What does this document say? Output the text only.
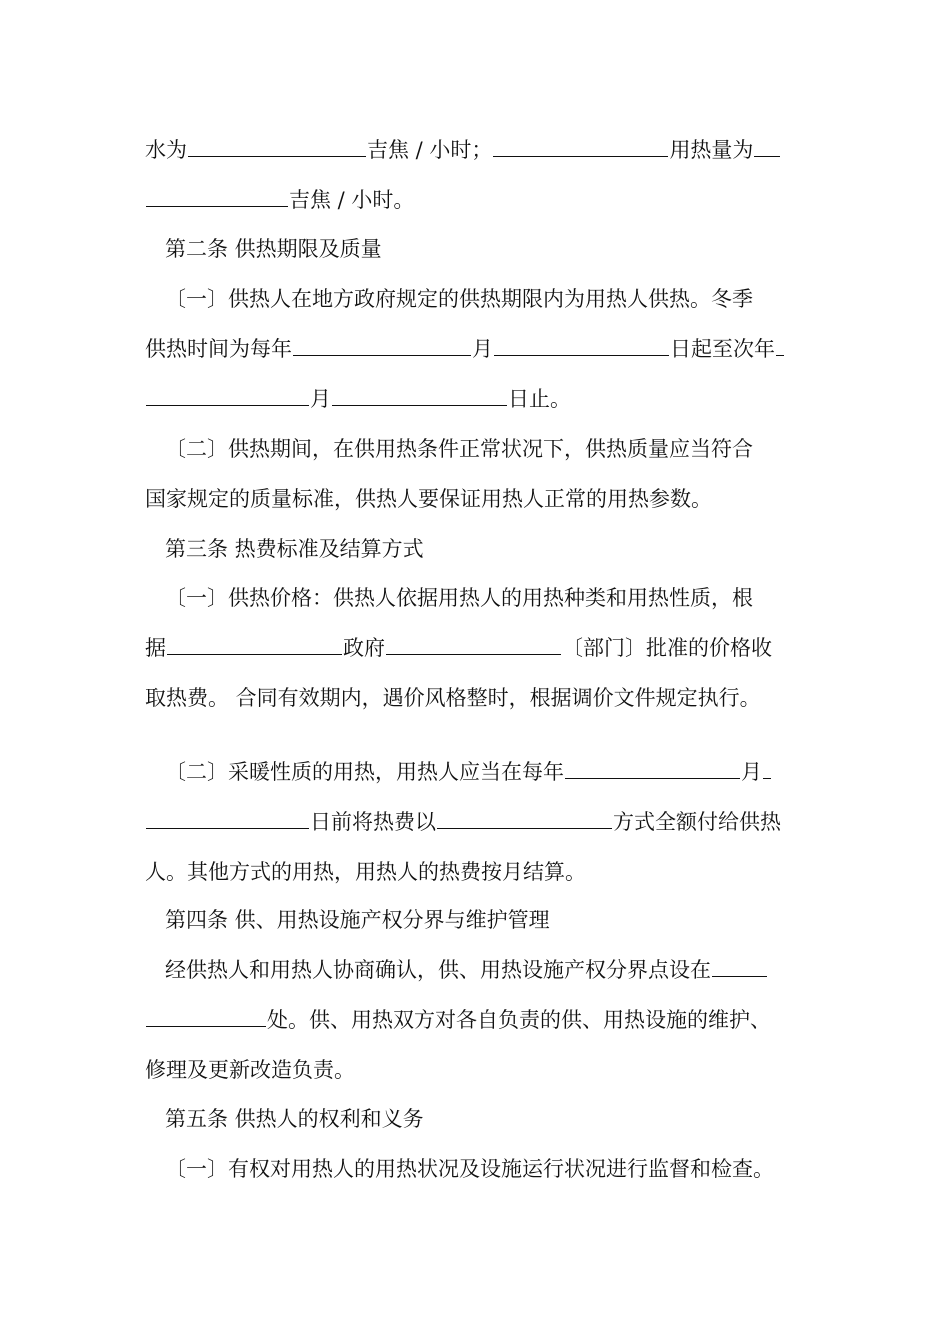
水为	吉焦 / 小时；	用热量为
吉焦 / 小时。
第二条 供热期限及质量
〔一〕供热人在地方政府规定的供热期限内为用热人供热。冬季
供热时间为每年	月	日起至次年
月	日止。
〔二〕供热期间，在供用热条件正常状况下，供热质量应当符合
国家规定的质量标准，供热人要保证用热人正常的用热参数。
第三条 热费标准及结算方式
〔一〕供热价格：供热人依据用热人的用热种类和用热性质，根
据	政府	〔部门〕批准的价格收
取热费。 合同有效期内，遇价风格整时，根据调价文件规定执行。
〔二〕采暖性质的用热，用热人应当在每年	月
日前将热费以	方式全额付给供热
人。其他方式的用热，用热人的热费按月结算。
第四条 供、用热设施产权分界与维护管理
经供热人和用热人协商确认，供、用热设施产权分界点设在
处。供、用热双方对各自负责的供、用热设施的维护、
修理及更新改造负责。
第五条 供热人的权利和义务
〔一〕有权对用热人的用热状况及设施运行状况进行监督和检查。
